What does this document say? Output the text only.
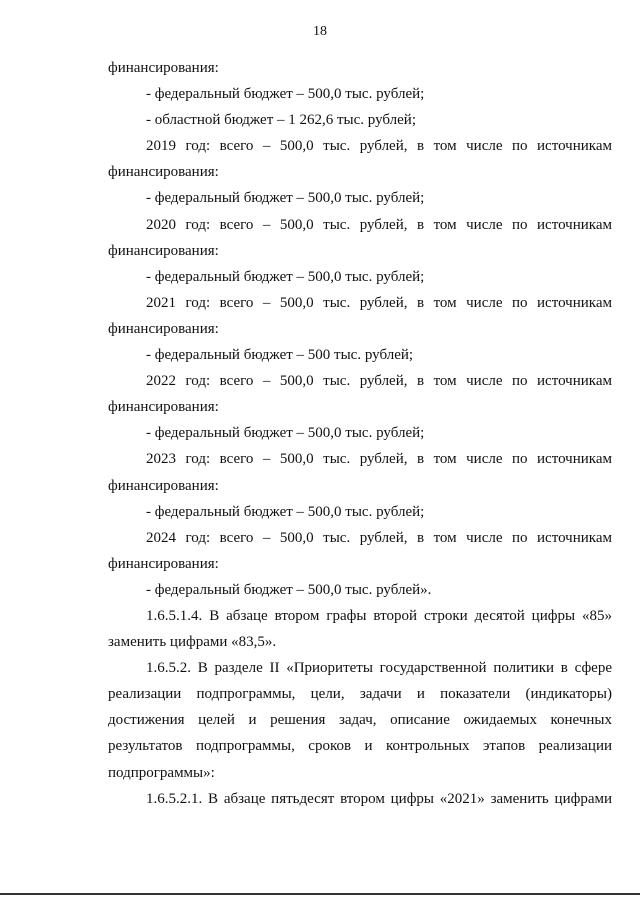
18
финансирования:
- федеральный бюджет – 500,0 тыс. рублей;
- областной бюджет – 1 262,6 тыс. рублей;
2019 год: всего – 500,0 тыс. рублей, в том числе по источникам
финансирования:
- федеральный бюджет – 500,0 тыс. рублей;
2020 год: всего – 500,0 тыс. рублей, в том числе по источникам
финансирования:
- федеральный бюджет – 500,0 тыс. рублей;
2021 год: всего – 500,0 тыс. рублей, в том числе по источникам
финансирования:
- федеральный бюджет – 500 тыс. рублей;
2022 год: всего – 500,0 тыс. рублей, в том числе по источникам
финансирования:
- федеральный бюджет – 500,0 тыс. рублей;
2023 год: всего – 500,0 тыс. рублей, в том числе по источникам
финансирования:
- федеральный бюджет – 500,0 тыс. рублей;
2024 год: всего – 500,0 тыс. рублей, в том числе по источникам
финансирования:
- федеральный бюджет – 500,0 тыс. рублей».
1.6.5.1.4. В абзаце втором графы второй строки десятой цифры «85»
заменить цифрами «83,5».
1.6.5.2. В разделе II «Приоритеты государственной политики в сфере
реализации подпрограммы, цели, задачи и показатели (индикаторы)
достижения целей и решения задач, описание ожидаемых конечных
результатов подпрограммы, сроков и контрольных этапов реализации
подпрограммы»:
1.6.5.2.1. В абзаце пятьдесят втором цифры «2021» заменить цифрами
